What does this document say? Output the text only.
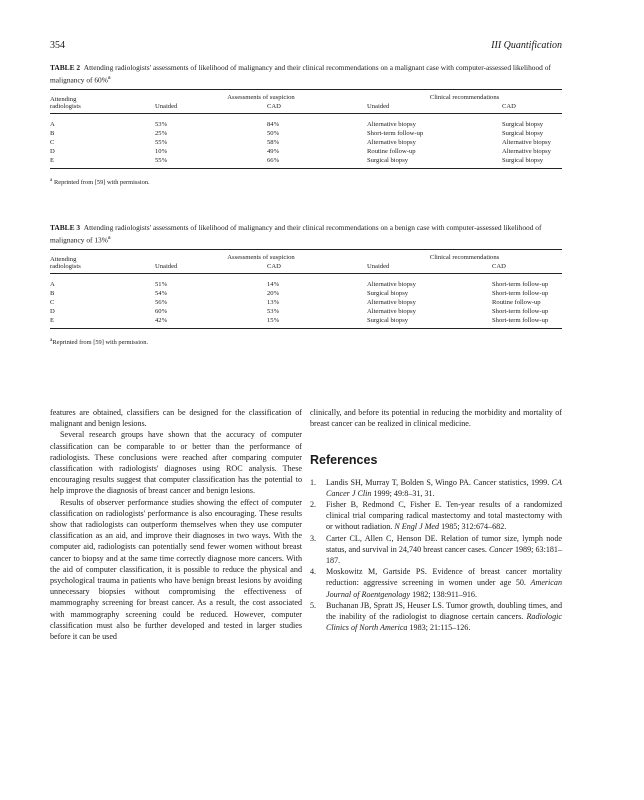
354	III Quantification

TABLE 2 Attending radiologists' assessments of likelihood of malignancy and their clinical recommendations on a malignant case with computer-assessed likelihood of malignancy of 60%$^a$

Attending	Assessments of suspicion		Clinical recommendations	
radiologists	Unaided	CAD	Unaided	CAD
A	53%	84%	Alternative biopsy	Surgical biopsy
B	25%	50%	Short-term follow-up	Surgical biopsy
C	55%	58%	Alternative biopsy	Alternative biopsy
D	10%	49%	Routine follow-up	Alternative biopsy
E	55%	66%	Surgical biopsy	Surgical biopsy
$^a$ Reprinted from [59] with permission.

TABLE 3 Attending radiologists' assessments of likelihood of malignancy and their clinical recommendations on a benign case with computer-assessed likelihood of malignancy of 13%$^a$

Attending	Assessments of suspicion		Clinical recommendations	
radiologists	Unaided	CAD	Unaided	CAD
A	51%	14%	Alternative biopsy	Short-term follow-up
B	54%	20%	Surgical biopsy	Short-term follow-up
C	56%	13%	Alternative biopsy	Routine follow-up
D	60%	53%	Alternative biopsy	Short-term follow-up
E	42%	15%	Surgical biopsy	Short-term follow-up
$^a$Reprinted from [59] with permission.

features are obtained, classifiers can be designed for the classification of malignant and benign lesions.

Several research groups have shown that the accuracy of computer classification can be comparable to or better than the performance of radiologists. These conclusions were reached after comparing computer classification with radiologists' diagnoses using ROC analysis. These encouraging results suggest that computer classification has the potential to help improve the diagnosis of breast cancer and benign lesions.

Results of observer performance studies showing the effect of computer classification on radiologists' performance is also encouraging. These results show that radiologists can outperform themselves when they use computer classification as an aid, and improve their diagnoses in two ways. With the computer aid, radiologists can potentially send fewer women without breast cancer to biopsy and at the same time correctly diagnose more cancers. With the aid of computer classification, it is possible to reduce the physical and psychological trauma in patients who have benign breast lesions by avoiding unnecessary biopsies without compromising the effectiveness of mammography screening for breast cancer. As a result, the cost associated with mammography screening could be reduced. However, computer classification must also be further developed and tested in larger studies before it can be used

clinically, and before its potential in reducing the morbidity and mortality of breast cancer can be realized in clinical medicine.

References
1.	Landis SH, Murray T, Bolden S, Wingo PA. Cancer statistics, 1999. CA Cancer J Clin 1999; 49:8–31, 31.
2.	Fisher B, Redmond C, Fisher E. Ten-year results of a randomized clinical trial comparing radical mastectomy and total mastectomy with or without radiation. N Engl J Med 1985; 312:674–682.
3.	Carter CL, Allen C, Henson DE. Relation of tumor size, lymph node status, and survival in 24,740 breast cancer cases. Cancer 1989; 63:181–187.
4.	Moskowitz M, Gartside PS. Evidence of breast cancer mortality reduction: aggressive screening in women under age 50. American Journal of Roentgenology 1982; 138:911–916.
5.	Buchanan JB, Spratt JS, Heuser LS. Tumor growth, doubling times, and the inability of the radiologist to diagnose certain cancers. Radiologic Clinics of North America 1983; 21:115–126.
